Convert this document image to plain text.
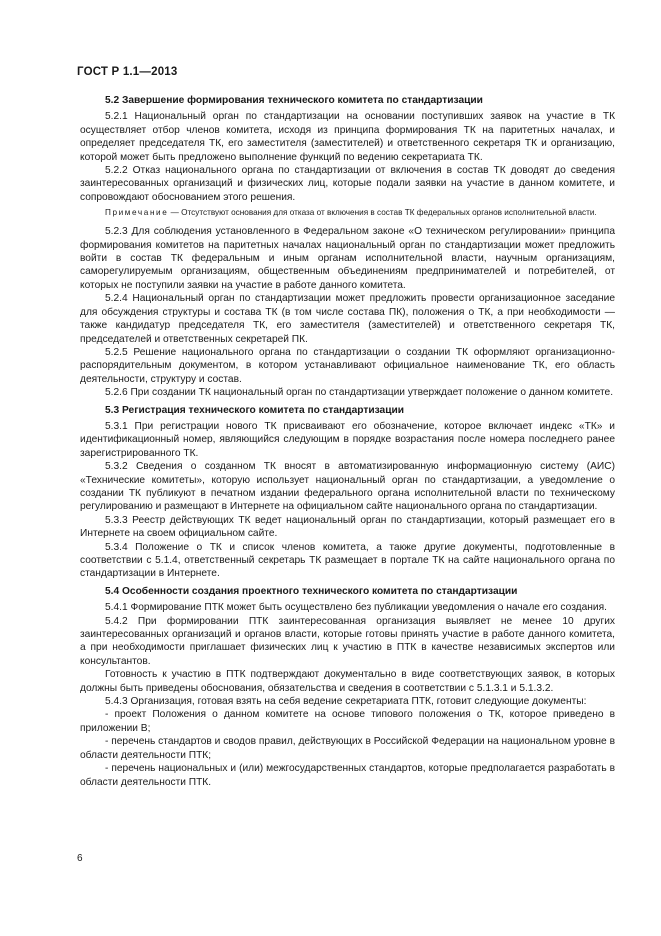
ГОСТ Р 1.1—2013

5.2 Завершение формирования технического комитета по стандартизации

5.2.1 Национальный орган по стандартизации на основании поступивших заявок на участие в ТК осуществляет отбор членов комитета, исходя из принципа формирования ТК на паритетных началах, и определяет председателя ТК, его заместителя (заместителей) и ответственного секретаря ТК и организацию, которой может быть предложено выполнение функций по ведению секретариата ТК.

5.2.2 Отказ национального органа по стандартизации от включения в состав ТК доводят до сведения заинтересованных организаций и физических лиц, которые подали заявки на участие в данном комитете, и сопровождают обоснованием этого решения.

Примечание — Отсутствуют основания для отказа от включения в состав ТК федеральных органов исполнительной власти.

5.2.3 Для соблюдения установленного в Федеральном законе «О техническом регулировании» принципа формирования комитетов на паритетных началах национальный орган по стандартизации может предложить войти в состав ТК федеральным и иным органам исполнительной власти, научным организациям, саморегулируемым организациям, общественным объединениям предпринимателей и потребителей, от которых не поступили заявки на участие в работе данного комитета.

5.2.4 Национальный орган по стандартизации может предложить провести организационное заседание для обсуждения структуры и состава ТК (в том числе состава ПК), положения о ТК, а при необходимости — также кандидатур председателя ТК, его заместителя (заместителей) и ответственного секретаря ТК, председателей и ответственных секретарей ПК.

5.2.5 Решение национального органа по стандартизации о создании ТК оформляют организационно-распорядительным документом, в котором устанавливают официальное наименование ТК, его область деятельности, структуру и состав.

5.2.6 При создании ТК национальный орган по стандартизации утверждает положение о данном комитете.

5.3 Регистрация технического комитета по стандартизации

5.3.1 При регистрации нового ТК присваивают его обозначение, которое включает индекс «ТК» и идентификационный номер, являющийся следующим в порядке возрастания после номера последнего ранее зарегистрированного ТК.

5.3.2 Сведения о созданном ТК вносят в автоматизированную информационную систему (АИС) «Технические комитеты», которую использует национальный орган по стандартизации, а уведомление о создании ТК публикуют в печатном издании федерального органа исполнительной власти по техническому регулированию и размещают в Интернете на официальном сайте национального органа по стандартизации.

5.3.3 Реестр действующих ТК ведет национальный орган по стандартизации, который размещает его в Интернете на своем официальном сайте.

5.3.4 Положение о ТК и список членов комитета, а также другие документы, подготовленные в соответствии с 5.1.4, ответственный секретарь ТК размещает в портале ТК на сайте национального органа по стандартизации в Интернете.

5.4 Особенности создания проектного технического комитета по стандартизации

5.4.1 Формирование ПТК может быть осуществлено без публикации уведомления о начале его создания.

5.4.2 При формировании ПТК заинтересованная организация выявляет не менее 10 других заинтересованных организаций и органов власти, которые готовы принять участие в работе данного комитета, а при необходимости приглашает физических лиц к участию в ПТК в качестве независимых экспертов или консультантов.

Готовность к участию в ПТК подтверждают документально в виде соответствующих заявок, в которых должны быть приведены обоснования, обязательства и сведения в соответствии с 5.1.3.1 и 5.1.3.2.

5.4.3 Организация, готовая взять на себя ведение секретариата ПТК, готовит следующие документы:

- проект Положения о данном комитете на основе типового положения о ТК, которое приведено в приложении В;

- перечень стандартов и сводов правил, действующих в Российской Федерации на национальном уровне в области деятельности ПТК;

- перечень национальных и (или) межгосударственных стандартов, которые предполагается разработать в области деятельности ПТК.

6
